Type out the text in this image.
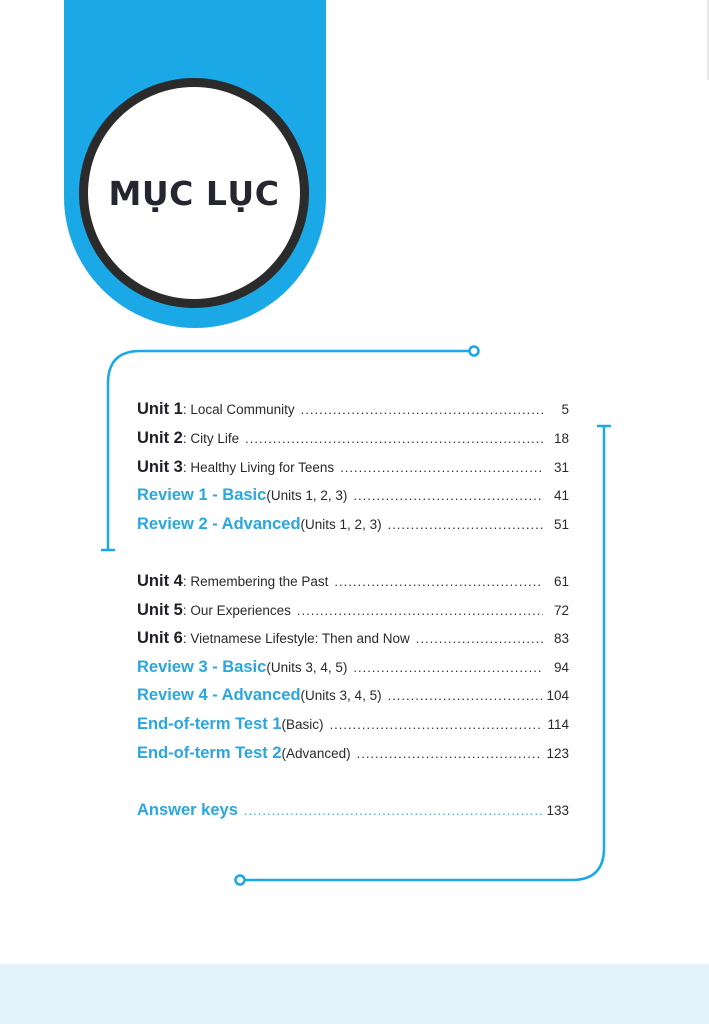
MỤC LỤC
Unit 1 : Local Community .....	5
Unit 2 : City Life .....	18
Unit 3 : Healthy Living for Teens .....	31
Review 1 - Basic (Units 1, 2, 3) .....	41
Review 2 - Advanced (Units 1, 2, 3) .....	51
Unit 4 : Remembering the Past .....	61
Unit 5 : Our Experiences .....	72
Unit 6 : Vietnamese Lifestyle: Then and Now .....	83
Review 3 - Basic (Units 3, 4, 5) .....	94
Review 4 - Advanced (Units 3, 4, 5) .....	104
End-of-term Test 1 (Basic) .....	114
End-of-term Test 2 (Advanced) .....	123
Answer keys .....	133
